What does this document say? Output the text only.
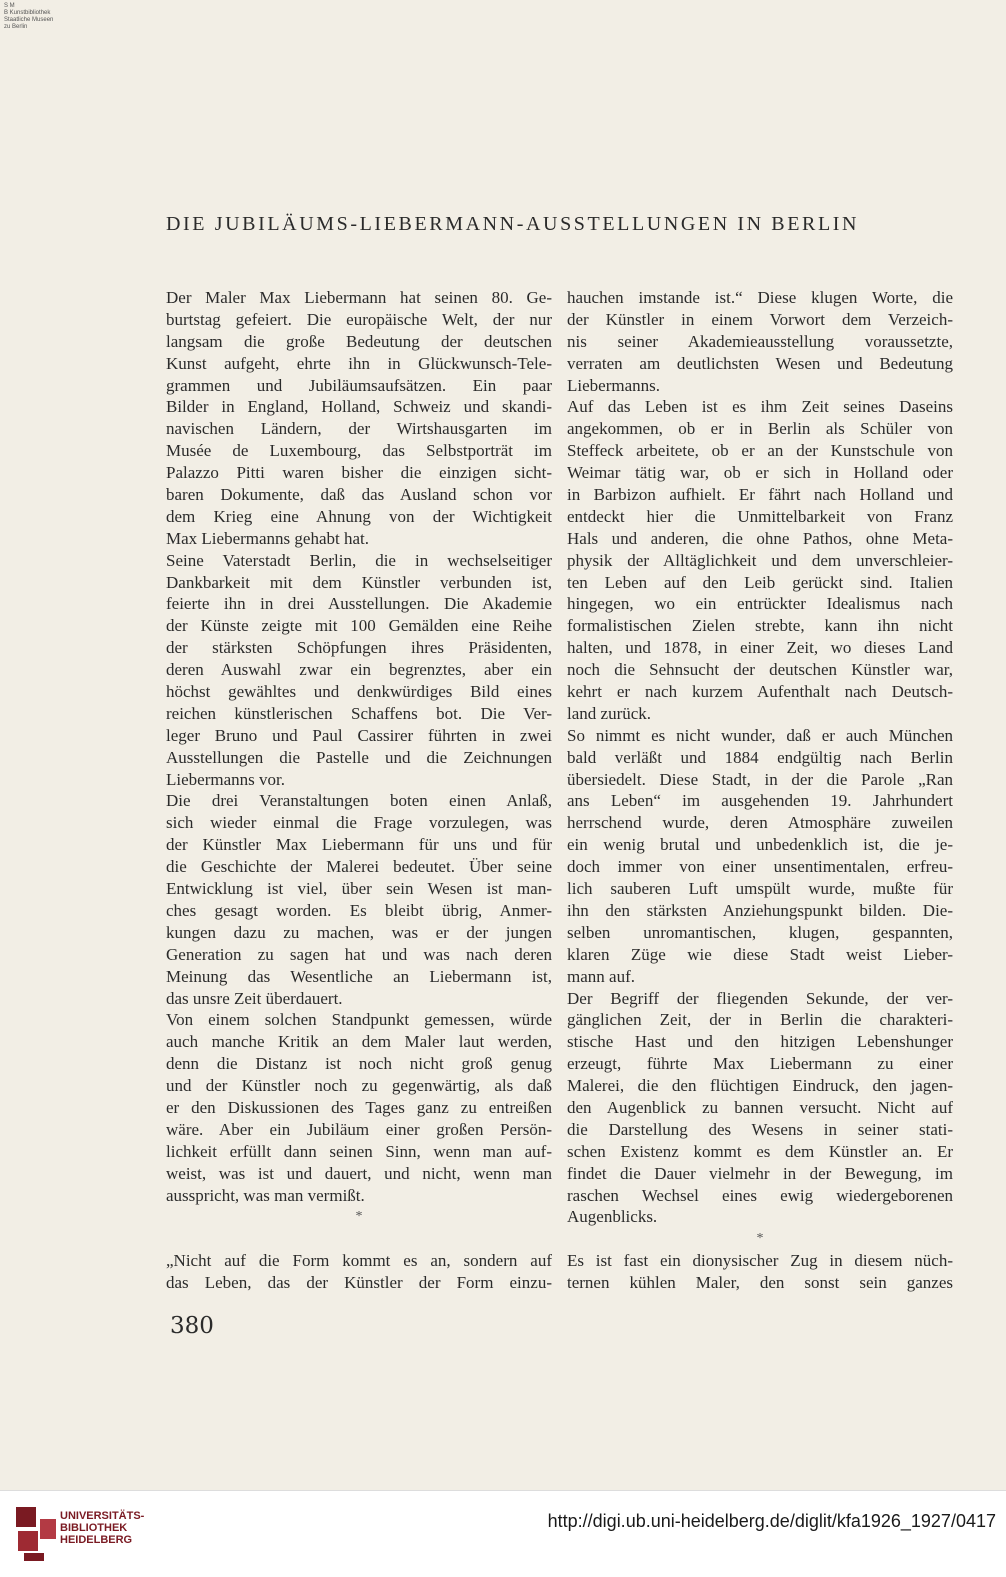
S M
B Kunstbibliothek
Staatliche Museen
zu Berlin
DIE JUBILÄUMS-LIEBERMANN-AUSSTELLUNGEN IN BERLIN
Der Maler Max Liebermann hat seinen 80. Ge-
burtstag gefeiert. Die europäische Welt, der nur
langsam die große Bedeutung der deutschen
Kunst aufgeht, ehrte ihn in Glückwunsch-Tele-
grammen und Jubiläumsaufsätzen. Ein paar
Bilder in England, Holland, Schweiz und skandi-
navischen Ländern, der Wirtshausgarten im
Musée de Luxembourg, das Selbstporträt im
Palazzo Pitti waren bisher die einzigen sicht-
baren Dokumente, daß das Ausland schon vor
dem Krieg eine Ahnung von der Wichtigkeit
Max Liebermanns gehabt hat.
Seine Vaterstadt Berlin, die in wechselseitiger
Dankbarkeit mit dem Künstler verbunden ist,
feierte ihn in drei Ausstellungen. Die Akademie
der Künste zeigte mit 100 Gemälden eine Reihe
der stärksten Schöpfungen ihres Präsidenten,
deren Auswahl zwar ein begrenztes, aber ein
höchst gewähltes und denkwürdiges Bild eines
reichen künstlerischen Schaffens bot. Die Ver-
leger Bruno und Paul Cassirer führten in zwei
Ausstellungen die Pastelle und die Zeichnungen
Liebermanns vor.
Die drei Veranstaltungen boten einen Anlaß,
sich wieder einmal die Frage vorzulegen, was
der Künstler Max Liebermann für uns und für
die Geschichte der Malerei bedeutet. Über seine
Entwicklung ist viel, über sein Wesen ist man-
ches gesagt worden. Es bleibt übrig, Anmer-
kungen dazu zu machen, was er der jungen
Generation zu sagen hat und was nach deren
Meinung das Wesentliche an Liebermann ist,
das unsre Zeit überdauert.
Von einem solchen Standpunkt gemessen, würde
auch manche Kritik an dem Maler laut werden,
denn die Distanz ist noch nicht groß genug
und der Künstler noch zu gegenwärtig, als daß
er den Diskussionen des Tages ganz zu entreißen
wäre. Aber ein Jubiläum einer großen Persön-
lichkeit erfüllt dann seinen Sinn, wenn man auf-
weist, was ist und dauert, und nicht, wenn man
ausspricht, was man vermißt.
*
„Nicht auf die Form kommt es an, sondern auf
das Leben, das der Künstler der Form einzu-
hauchen imstande ist.“ Diese klugen Worte, die
der Künstler in einem Vorwort dem Verzeich-
nis seiner Akademieausstellung voraussetzte,
verraten am deutlichsten Wesen und Bedeutung
Liebermanns.
Auf das Leben ist es ihm Zeit seines Daseins
angekommen, ob er in Berlin als Schüler von
Steffeck arbeitete, ob er an der Kunstschule von
Weimar tätig war, ob er sich in Holland oder
in Barbizon aufhielt. Er fährt nach Holland und
entdeckt hier die Unmittelbarkeit von Franz
Hals und anderen, die ohne Pathos, ohne Meta-
physik der Alltäglichkeit und dem unverschleier-
ten Leben auf den Leib gerückt sind. Italien
hingegen, wo ein entrückter Idealismus nach
formalistischen Zielen strebte, kann ihn nicht
halten, und 1878, in einer Zeit, wo dieses Land
noch die Sehnsucht der deutschen Künstler war,
kehrt er nach kurzem Aufenthalt nach Deutsch-
land zurück.
So nimmt es nicht wunder, daß er auch München
bald verläßt und 1884 endgültig nach Berlin
übersiedelt. Diese Stadt, in der die Parole „Ran
ans Leben“ im ausgehenden 19. Jahrhundert
herrschend wurde, deren Atmosphäre zuweilen
ein wenig brutal und unbedenklich ist, die je-
doch immer von einer unsentimentalen, erfreu-
lich sauberen Luft umspült wurde, mußte für
ihn den stärksten Anziehungspunkt bilden. Die-
selben unromantischen, klugen, gespannten,
klaren Züge wie diese Stadt weist Lieber-
mann auf.
Der Begriff der fliegenden Sekunde, der ver-
gänglichen Zeit, der in Berlin die charakteri-
stische Hast und den hitzigen Lebenshunger
erzeugt, führte Max Liebermann zu einer
Malerei, die den flüchtigen Eindruck, den jagen-
den Augenblick zu bannen versucht. Nicht auf
die Darstellung des Wesens in seiner stati-
schen Existenz kommt es dem Künstler an. Er
findet die Dauer vielmehr in der Bewegung, im
raschen Wechsel eines ewig wiedergeborenen
Augenblicks.
*
Es ist fast ein dionysischer Zug in diesem nüch-
ternen kühlen Maler, den sonst sein ganzes
380
UNIVERSITÄTS-
BIBLIOTHEK
HEIDELBERG
http://digi.ub.uni-heidelberg.de/diglit/kfa1926_1927/0417
